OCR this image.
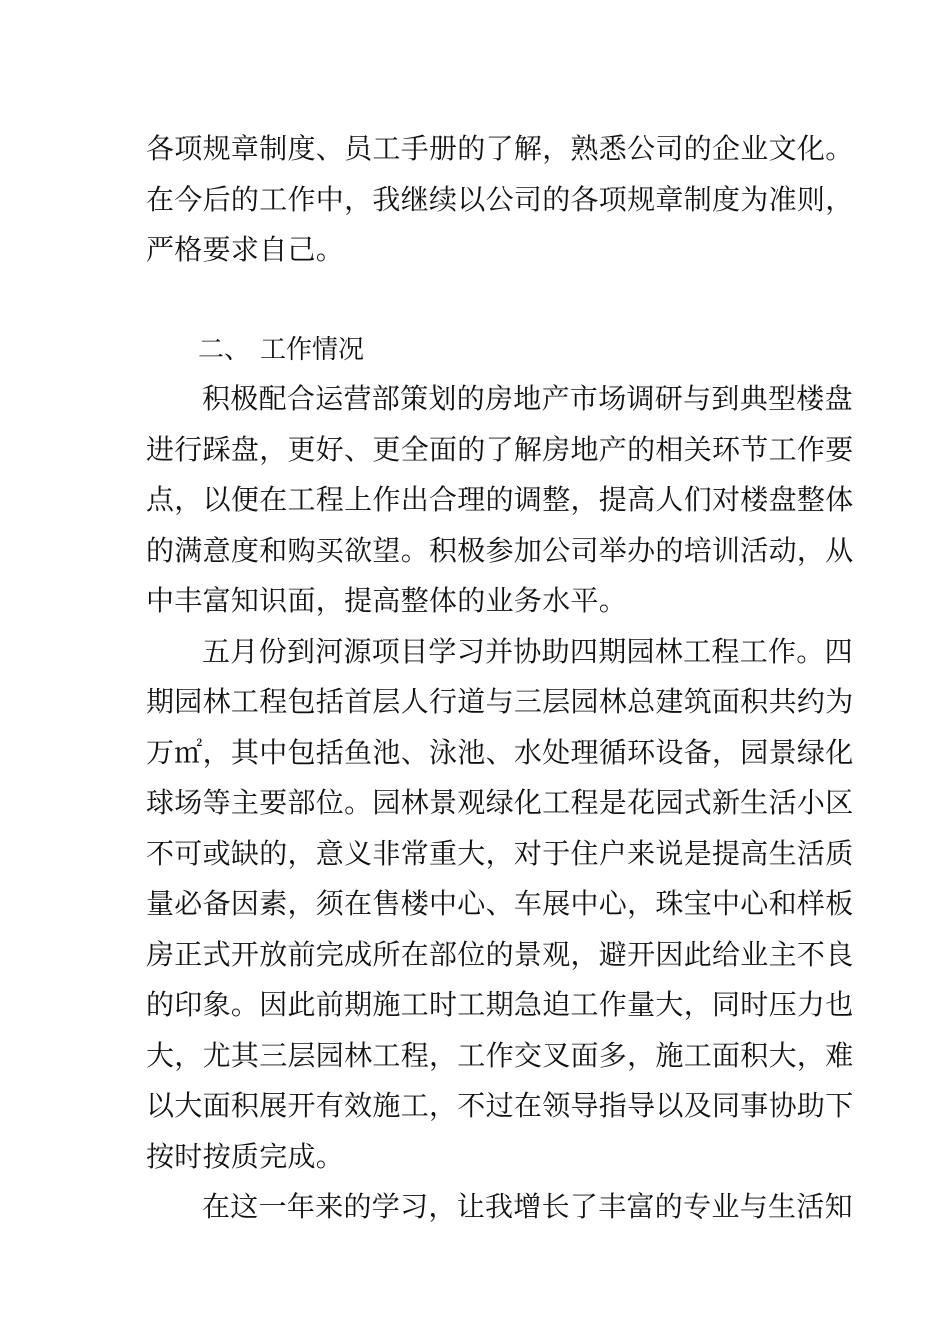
各项规章制度、员工手册的了解，熟悉公司的企业文化。
在今后的工作中，我继续以公司的各项规章制度为准则，
严格要求自己。
二、 工作情况
积极配合运营部策划的房地产市场调研与到典型楼盘
进行踩盘，更好、更全面的了解房地产的相关环节工作要
点，以便在工程上作出合理的调整，提高人们对楼盘整体
的满意度和购买欲望。积极参加公司举办的培训活动，从
中丰富知识面，提高整体的业务水平。
五月份到河源项目学习并协助四期园林工程工作。四
期园林工程包括首层人行道与三层园林总建筑面积共约为
万㎡，其中包括鱼池、泳池、水处理循环设备，园景绿化
球场等主要部位。园林景观绿化工程是花园式新生活小区
不可或缺的，意义非常重大，对于住户来说是提高生活质
量必备因素，须在售楼中心、车展中心，珠宝中心和样板
房正式开放前完成所在部位的景观，避开因此给业主不良
的印象。因此前期施工时工期急迫工作量大，同时压力也
大，尤其三层园林工程，工作交叉面多，施工面积大，难
以大面积展开有效施工，不过在领导指导以及同事协助下
按时按质完成。
在这一年来的学习，让我增长了丰富的专业与生活知
